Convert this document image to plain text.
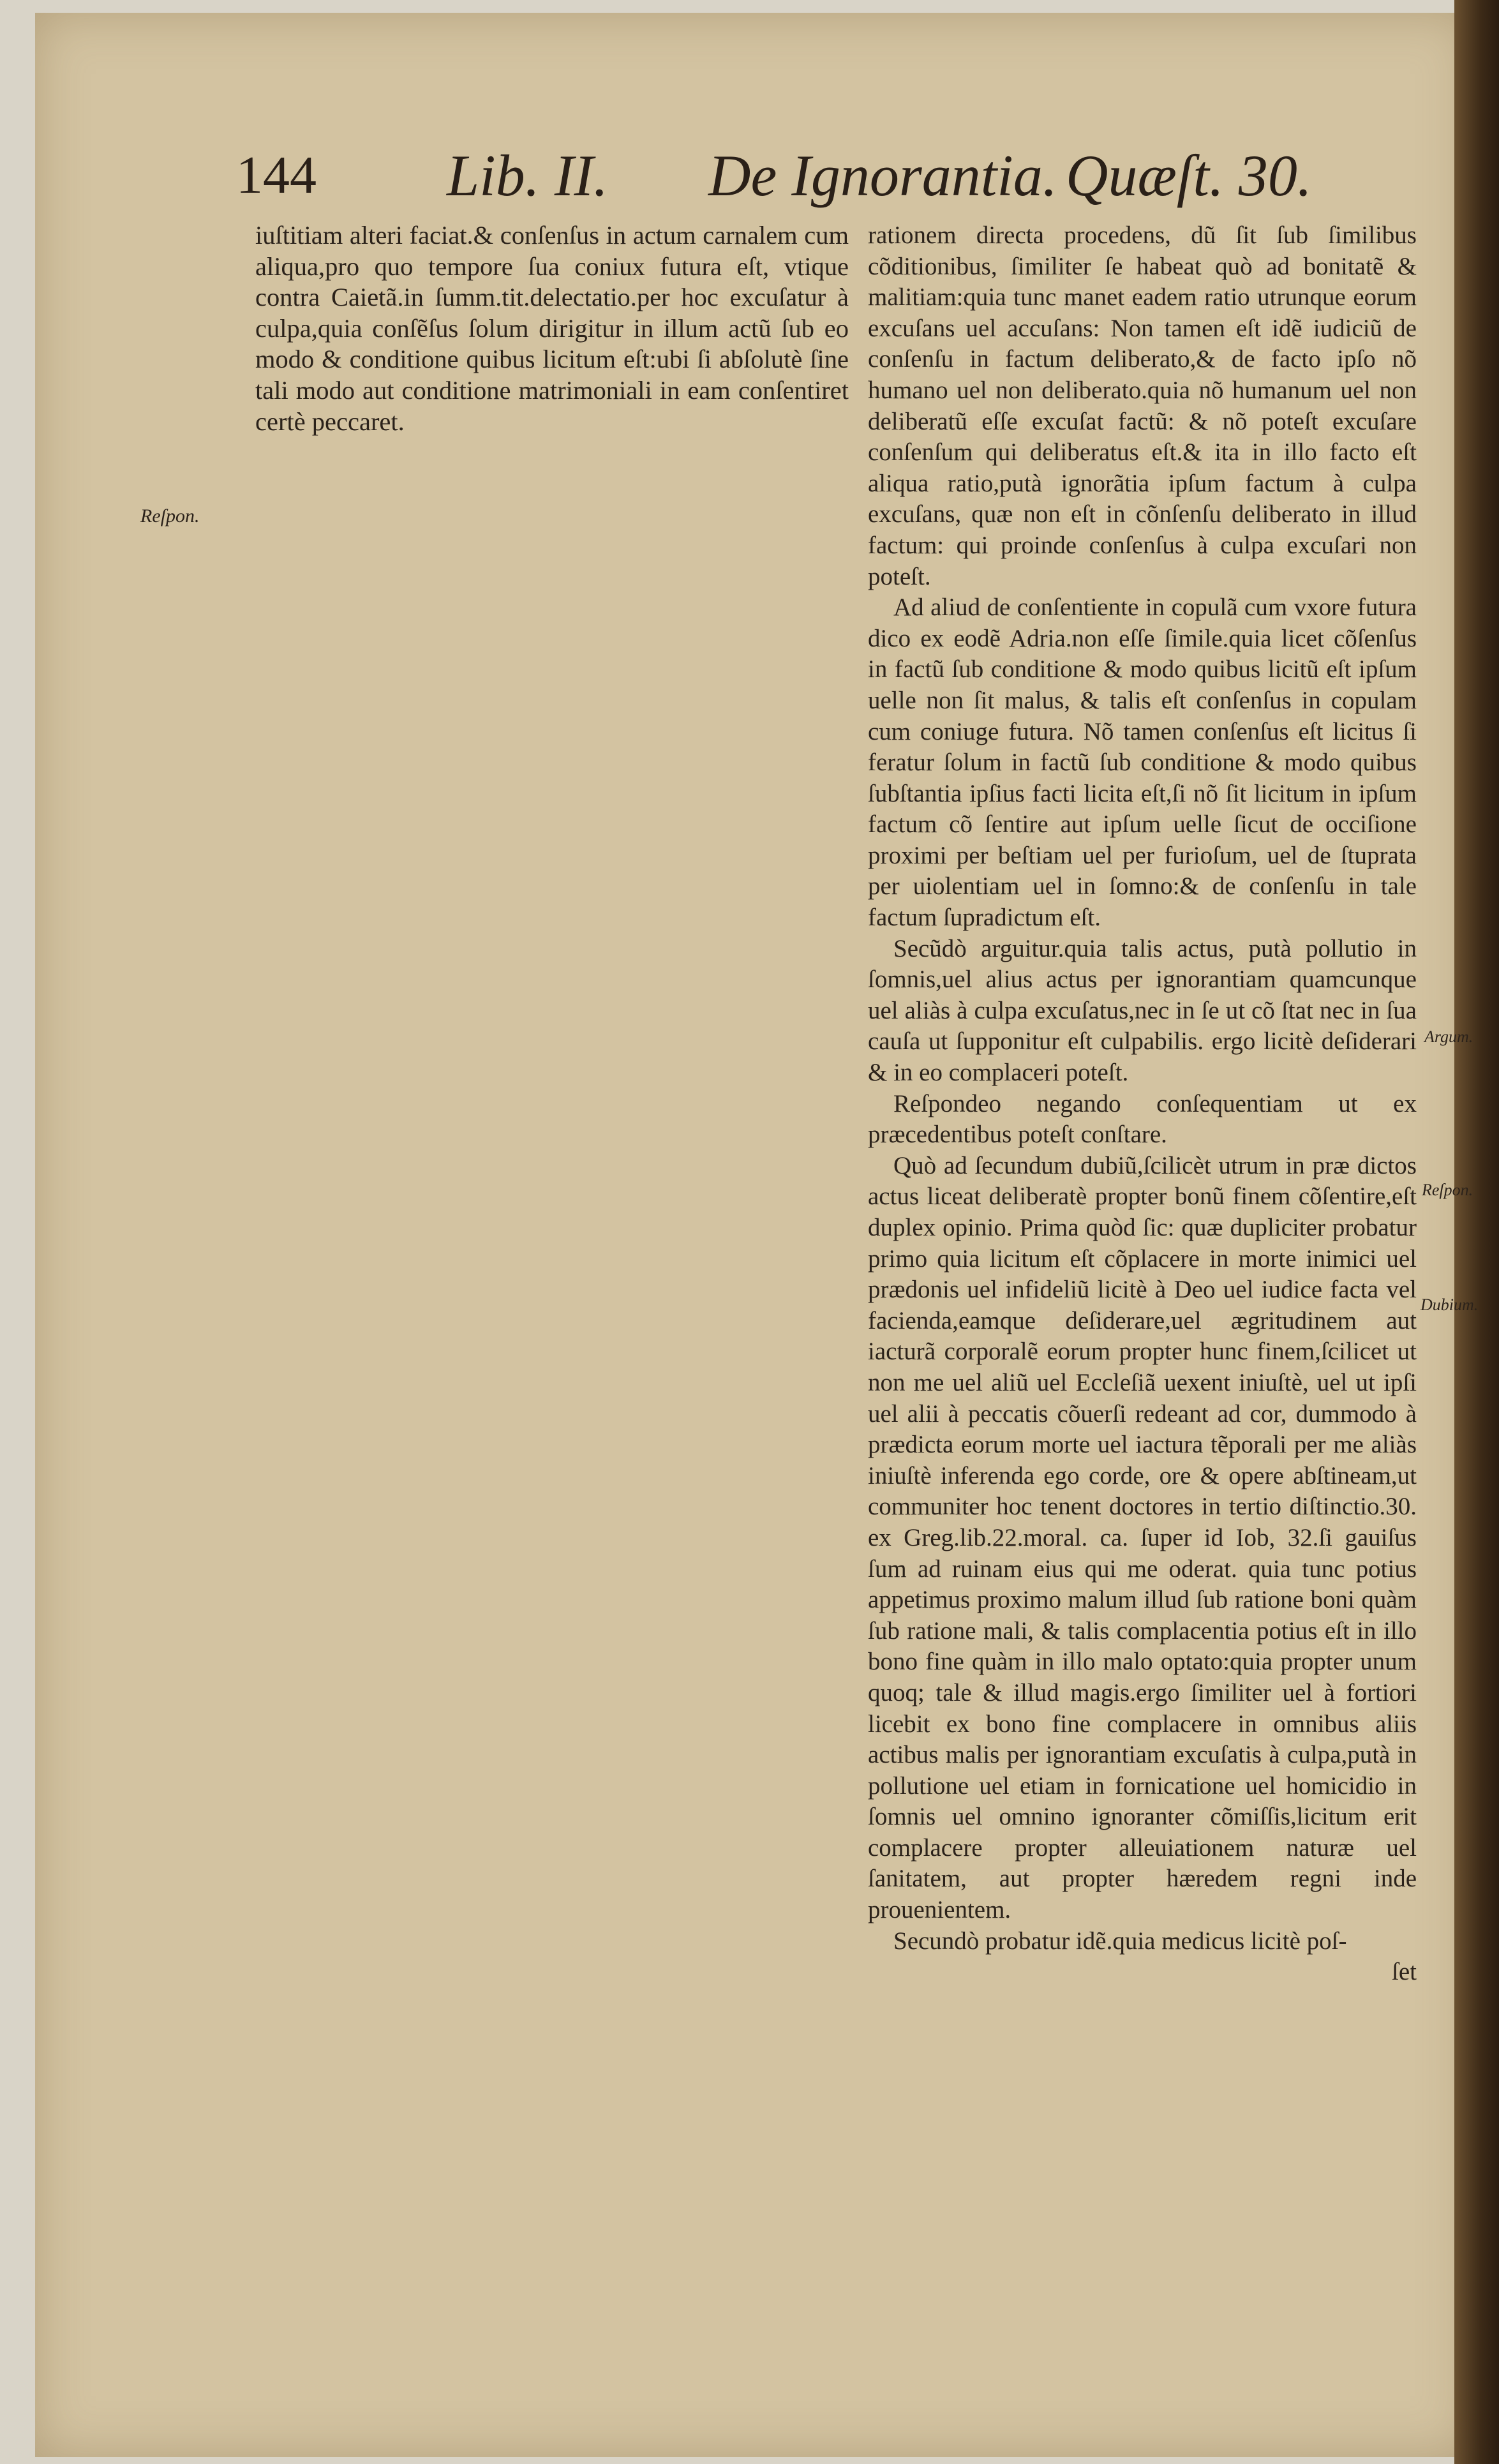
144 Lib. II. De Ignorantia. Quæſt. 30.
Reſpon.
Argum.
Reſpon.
Dubium.

iuſtitiam alteri faciat.& conſenſus in actum carnalem cum aliqua,pro quo tempore ſua coniux futura eſt, vtique contra Caietã.in ſumm.tit.delectatio.per hoc excuſatur à culpa,quia conſẽſus ſolum dirigitur in illum actũ ſub eo modo & conditione quibus licitum eſt:ubi ſi abſolutè ſine tali modo aut conditione matrimoniali in eam conſentiret certè peccaret.

rationem directa procedens, dũ ſit ſub ſimilibus cõditionibus, ſimiliter ſe habeat quò ad bonitatẽ & malitiam:quia tunc manet eadem ratio utrunque eorum excuſans uel accuſans: Non tamen eſt idẽ iudiciũ de conſenſu in factum deliberato,& de facto ipſo nõ humano uel non deliberato.quia nõ humanum uel non deliberatũ eſſe excuſat factũ: & nõ poteſt excuſare conſenſum qui deliberatus eſt.& ita in illo facto eſt aliqua ratio,putà ignorãtia ipſum factum à culpa excuſans, quæ non eſt in cõnſenſu deliberato in illud factum: qui proinde conſenſus à culpa excuſari non poteſt.

Ad aliud de conſentiente in copulã cum vxore futura dico ex eodẽ Adria.non eſſe ſimile.quia licet cõſenſus in factũ ſub conditione & modo quibus licitũ eſt ipſum uelle non ſit malus, & talis eſt conſenſus in copulam cum coniuge futura. Nõ tamen conſenſus eſt licitus ſi feratur ſolum in factũ ſub conditione & modo quibus ſubſtantia ipſius facti licita eſt,ſi nõ ſit licitum in ipſum factum cõ ſentire aut ipſum uelle ſicut de occiſione proximi per beſtiam uel per furioſum, uel de ſtuprata per uiolentiam uel in ſomno:& de conſenſu in tale factum ſupradictum eſt.

Secũdò arguitur.quia talis actus, putà pollutio in ſomnis,uel alius actus per ignorantiam quamcunque uel aliàs à culpa excuſatus,nec in ſe ut cõ ſtat nec in ſua cauſa ut ſupponitur eſt culpabilis. ergo licitè deſiderari & in eo complaceri poteſt.

Reſpondeo negando conſequentiam ut ex præcedentibus poteſt conſtare.

Quò ad ſecundum dubiũ,ſcilicèt utrum in præ dictos actus liceat deliberatè propter bonũ finem cõſentire,eſt duplex opinio. Prima quòd ſic: quæ dupliciter probatur primo quia licitum eſt cõplacere in morte inimici uel prædonis uel infideliũ licitè à Deo uel iudice facta vel facienda,eamque deſiderare,uel ægritudinem aut iacturã corporalẽ eorum propter hunc finem,ſcilicet ut non me uel aliũ uel Eccleſiã uexent iniuſtè, uel ut ipſi uel alii à peccatis cõuerſi redeant ad cor, dummodo à prædicta eorum morte uel iactura tẽporali per me aliàs iniuſtè inferenda ego corde, ore & opere abſtineam,ut communiter hoc tenent doctores in tertio diſtinctio.30. ex Greg.lib.22.moral. ca. ſuper id Iob, 32.ſi gauiſus ſum ad ruinam eius qui me oderat. quia tunc potius appetimus proximo malum illud ſub ratione boni quàm ſub ratione mali, & talis complacentia potius eſt in illo bono fine quàm in illo malo optato:quia propter unum quoq; tale & illud magis.ergo ſimiliter uel à fortiori licebit ex bono fine complacere in omnibus aliis actibus malis per ignorantiam excuſatis à culpa,putà in pollutione uel etiam in fornicatione uel homicidio in ſomnis uel omnino ignoranter cõmiſſis,licitum erit complacere propter alleuiationem naturæ uel ſanitatem, aut propter hæredem regni inde prouenientem.

Secundò probatur idẽ.quia medicus licitè poſ-

ſet
